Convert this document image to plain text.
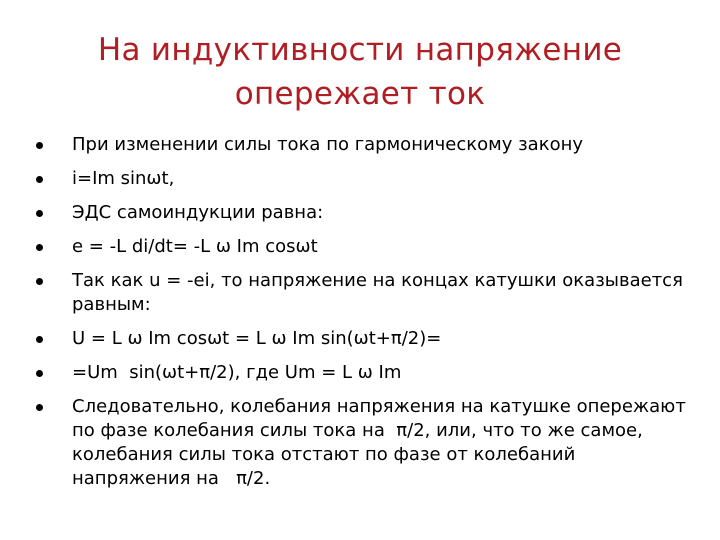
На индуктивности напряжение
опережает ток
При изменении силы тока по гармоническому закону
i=Im sinωt,
ЭДС самоиндукции равна:
e = -L di/dt= -L ω Im cosωt
Так как u = -ei, то напряжение на концах катушки оказывается равным:
U = L ω Im cosωt = L ω Im sin(ωt+π/2)=
=Um  sin(ωt+π/2), где Um = L ω Im
Следовательно, колебания напряжения на катушке опережают по фазе колебания силы тока на  π/2, или, что то же самое, колебания силы тока отстают по фазе от колебаний напряжения на   π/2.
